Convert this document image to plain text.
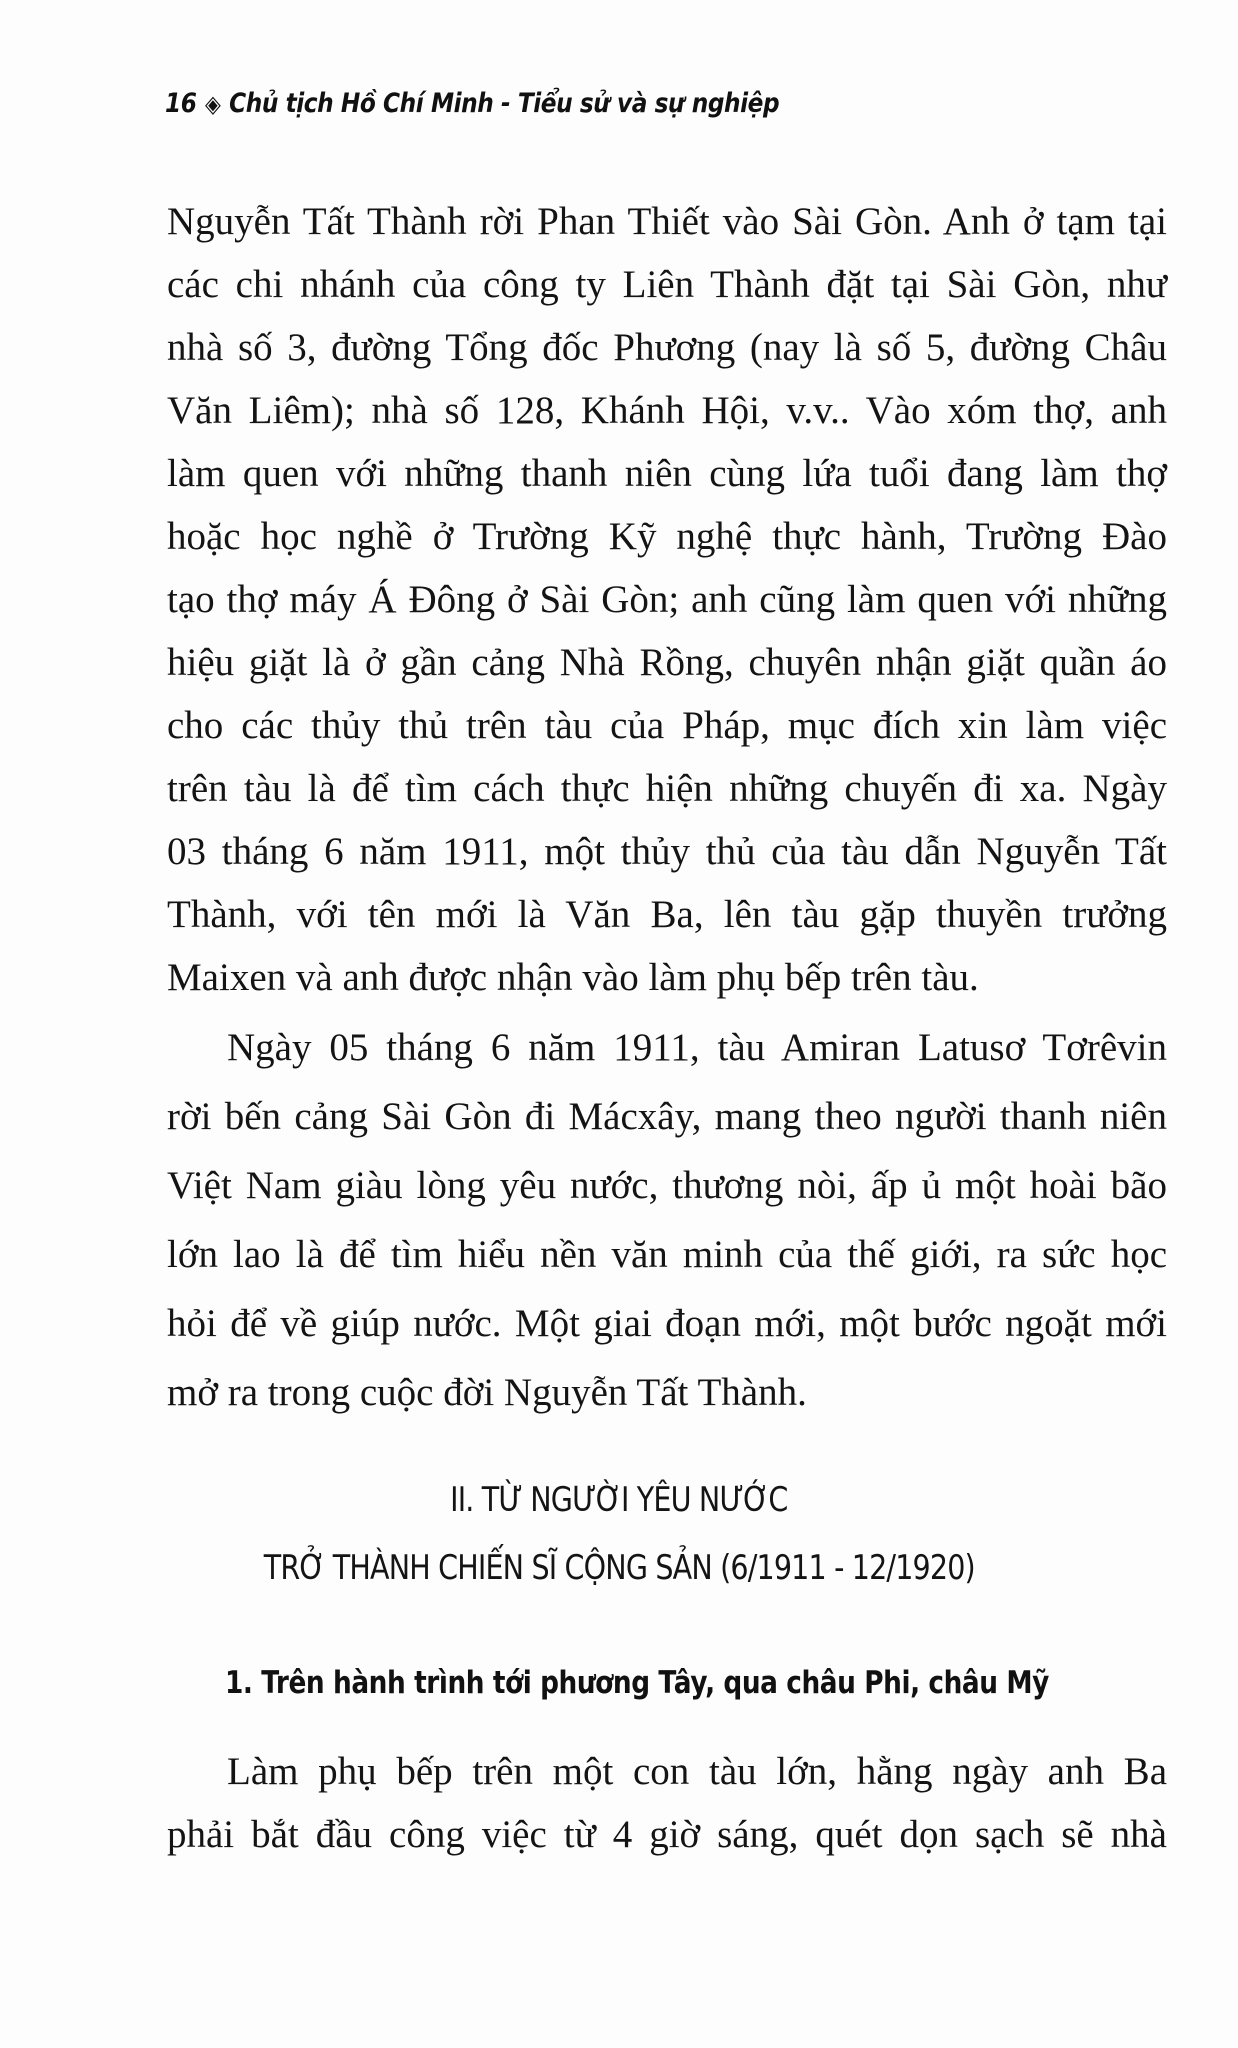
16 ◈ Chủ tịch Hồ Chí Minh - Tiểu sử và sự nghiệp
Nguyễn Tất Thành rời Phan Thiết vào Sài Gòn. Anh ở tạm tại
các chi nhánh của công ty Liên Thành đặt tại Sài Gòn, như
nhà số 3, đường Tổng đốc Phương (nay là số 5, đường Châu
Văn Liêm); nhà số 128, Khánh Hội, v.v.. Vào xóm thợ, anh
làm quen với những thanh niên cùng lứa tuổi đang làm thợ
hoặc học nghề ở Trường Kỹ nghệ thực hành, Trường Đào
tạo thợ máy Á Đông ở Sài Gòn; anh cũng làm quen với những
hiệu giặt là ở gần cảng Nhà Rồng, chuyên nhận giặt quần áo
cho các thủy thủ trên tàu của Pháp, mục đích xin làm việc
trên tàu là để tìm cách thực hiện những chuyến đi xa. Ngày
03 tháng 6 năm 1911, một thủy thủ của tàu dẫn Nguyễn Tất
Thành, với tên mới là Văn Ba, lên tàu gặp thuyền trưởng
Maixen và anh được nhận vào làm phụ bếp trên tàu.
Ngày 05 tháng 6 năm 1911, tàu Amiran Latusơ Tơrêvin
rời bến cảng Sài Gòn đi Mácxây, mang theo người thanh niên
Việt Nam giàu lòng yêu nước, thương nòi, ấp ủ một hoài bão
lớn lao là để tìm hiểu nền văn minh của thế giới, ra sức học
hỏi để về giúp nước. Một giai đoạn mới, một bước ngoặt mới
mở ra trong cuộc đời Nguyễn Tất Thành.
II. TỪ NGƯỜI YÊU NƯỚC
TRỞ THÀNH CHIẾN SĨ CỘNG SẢN (6/1911 - 12/1920)
1. Trên hành trình tới phương Tây, qua châu Phi, châu Mỹ
Làm phụ bếp trên một con tàu lớn, hằng ngày anh Ba
phải bắt đầu công việc từ 4 giờ sáng, quét dọn sạch sẽ nhà
